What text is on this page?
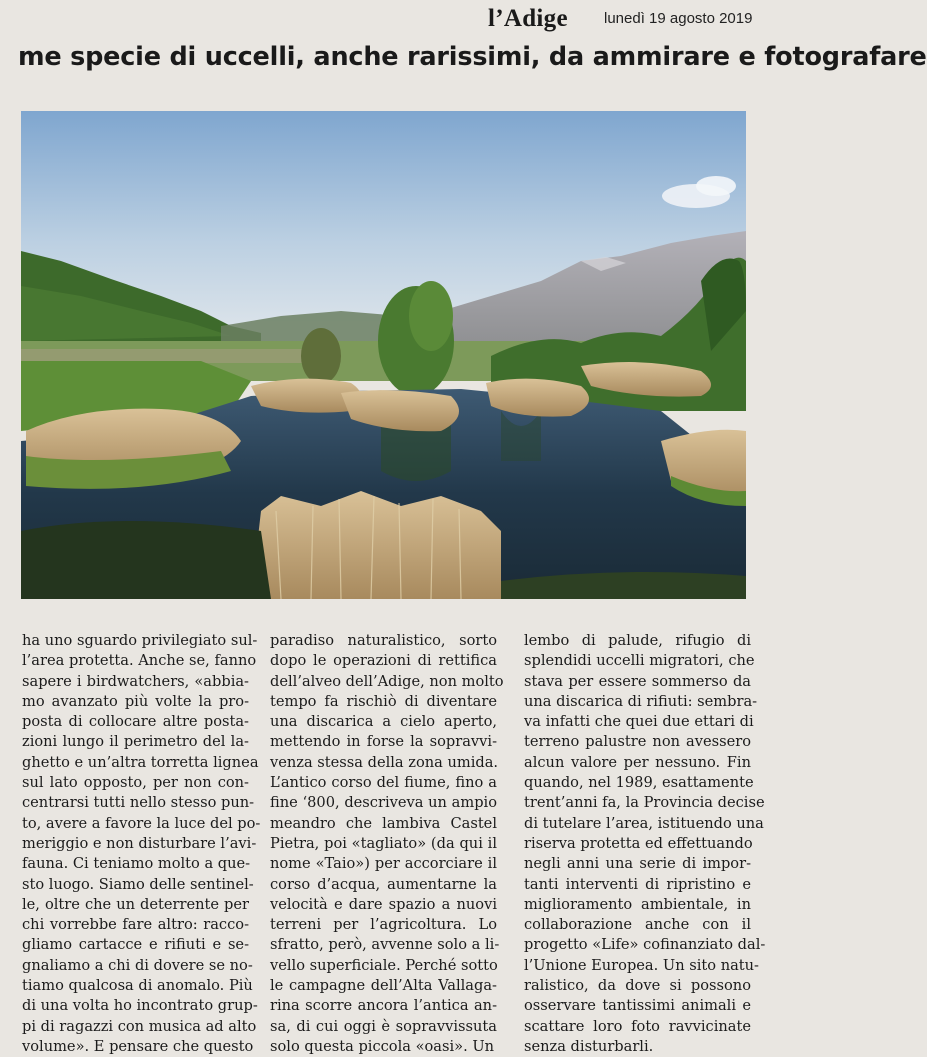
l’Adige lunedì 19 agosto 2019
me specie di uccelli, anche rarissimi, da ammirare e fotografare

ha uno sguardo privilegiato sul-
l’area protetta. Anche se, fanno
sapere i birdwatchers, «abbia-
mo avanzato più volte la pro-
posta di collocare altre posta-
zioni lungo il perimetro del la-
ghetto e un’altra torretta lignea
sul lato opposto, per non con-
centrarsi tutti nello stesso pun-
to, avere a favore la luce del po-
meriggio e non disturbare l’avi-
fauna. Ci teniamo molto a que-
sto luogo. Siamo delle sentinel-
le, oltre che un deterrente per
chi vorrebbe fare altro: racco-
gliamo cartacce e rifiuti e se-
gnaliamo a chi di dovere se no-
tiamo qualcosa di anomalo. Più
di una volta ho incontrato grup-
pi di ragazzi con musica ad alto
volume». E pensare che questo

paradiso naturalistico, sorto
dopo le operazioni di rettifica
dell’alveo dell’Adige, non molto
tempo fa rischiò di diventare
una discarica a cielo aperto,
mettendo in forse la sopravvi-
venza stessa della zona umida.
L’antico corso del fiume, fino a
fine ‘800, descriveva un ampio
meandro che lambiva Castel
Pietra, poi «tagliato» (da qui il
nome «Taio») per accorciare il
corso d’acqua, aumentarne la
velocità e dare spazio a nuovi
terreni per l’agricoltura. Lo
sfratto, però, avvenne solo a li-
vello superficiale. Perché sotto
le campagne dell’Alta Vallaga-
rina scorre ancora l’antica an-
sa, di cui oggi è sopravvissuta
solo questa piccola «oasi». Un

lembo di palude, rifugio di
splendidi uccelli migratori, che
stava per essere sommerso da
una discarica di rifiuti: sembra-
va infatti che quei due ettari di
terreno palustre non avessero
alcun valore per nessuno. Fin
quando, nel 1989, esattamente
trent’anni fa, la Provincia decise
di tutelare l’area, istituendo una
riserva protetta ed effettuando
negli anni una serie di impor-
tanti interventi di ripristino e
miglioramento ambientale, in
collaborazione anche con il
progetto «Life» cofinanziato dal-
l’Unione Europea. Un sito natu-
ralistico, da dove si possono
osservare tantissimi animali e
scattare loro foto ravvicinate
senza disturbarli.
